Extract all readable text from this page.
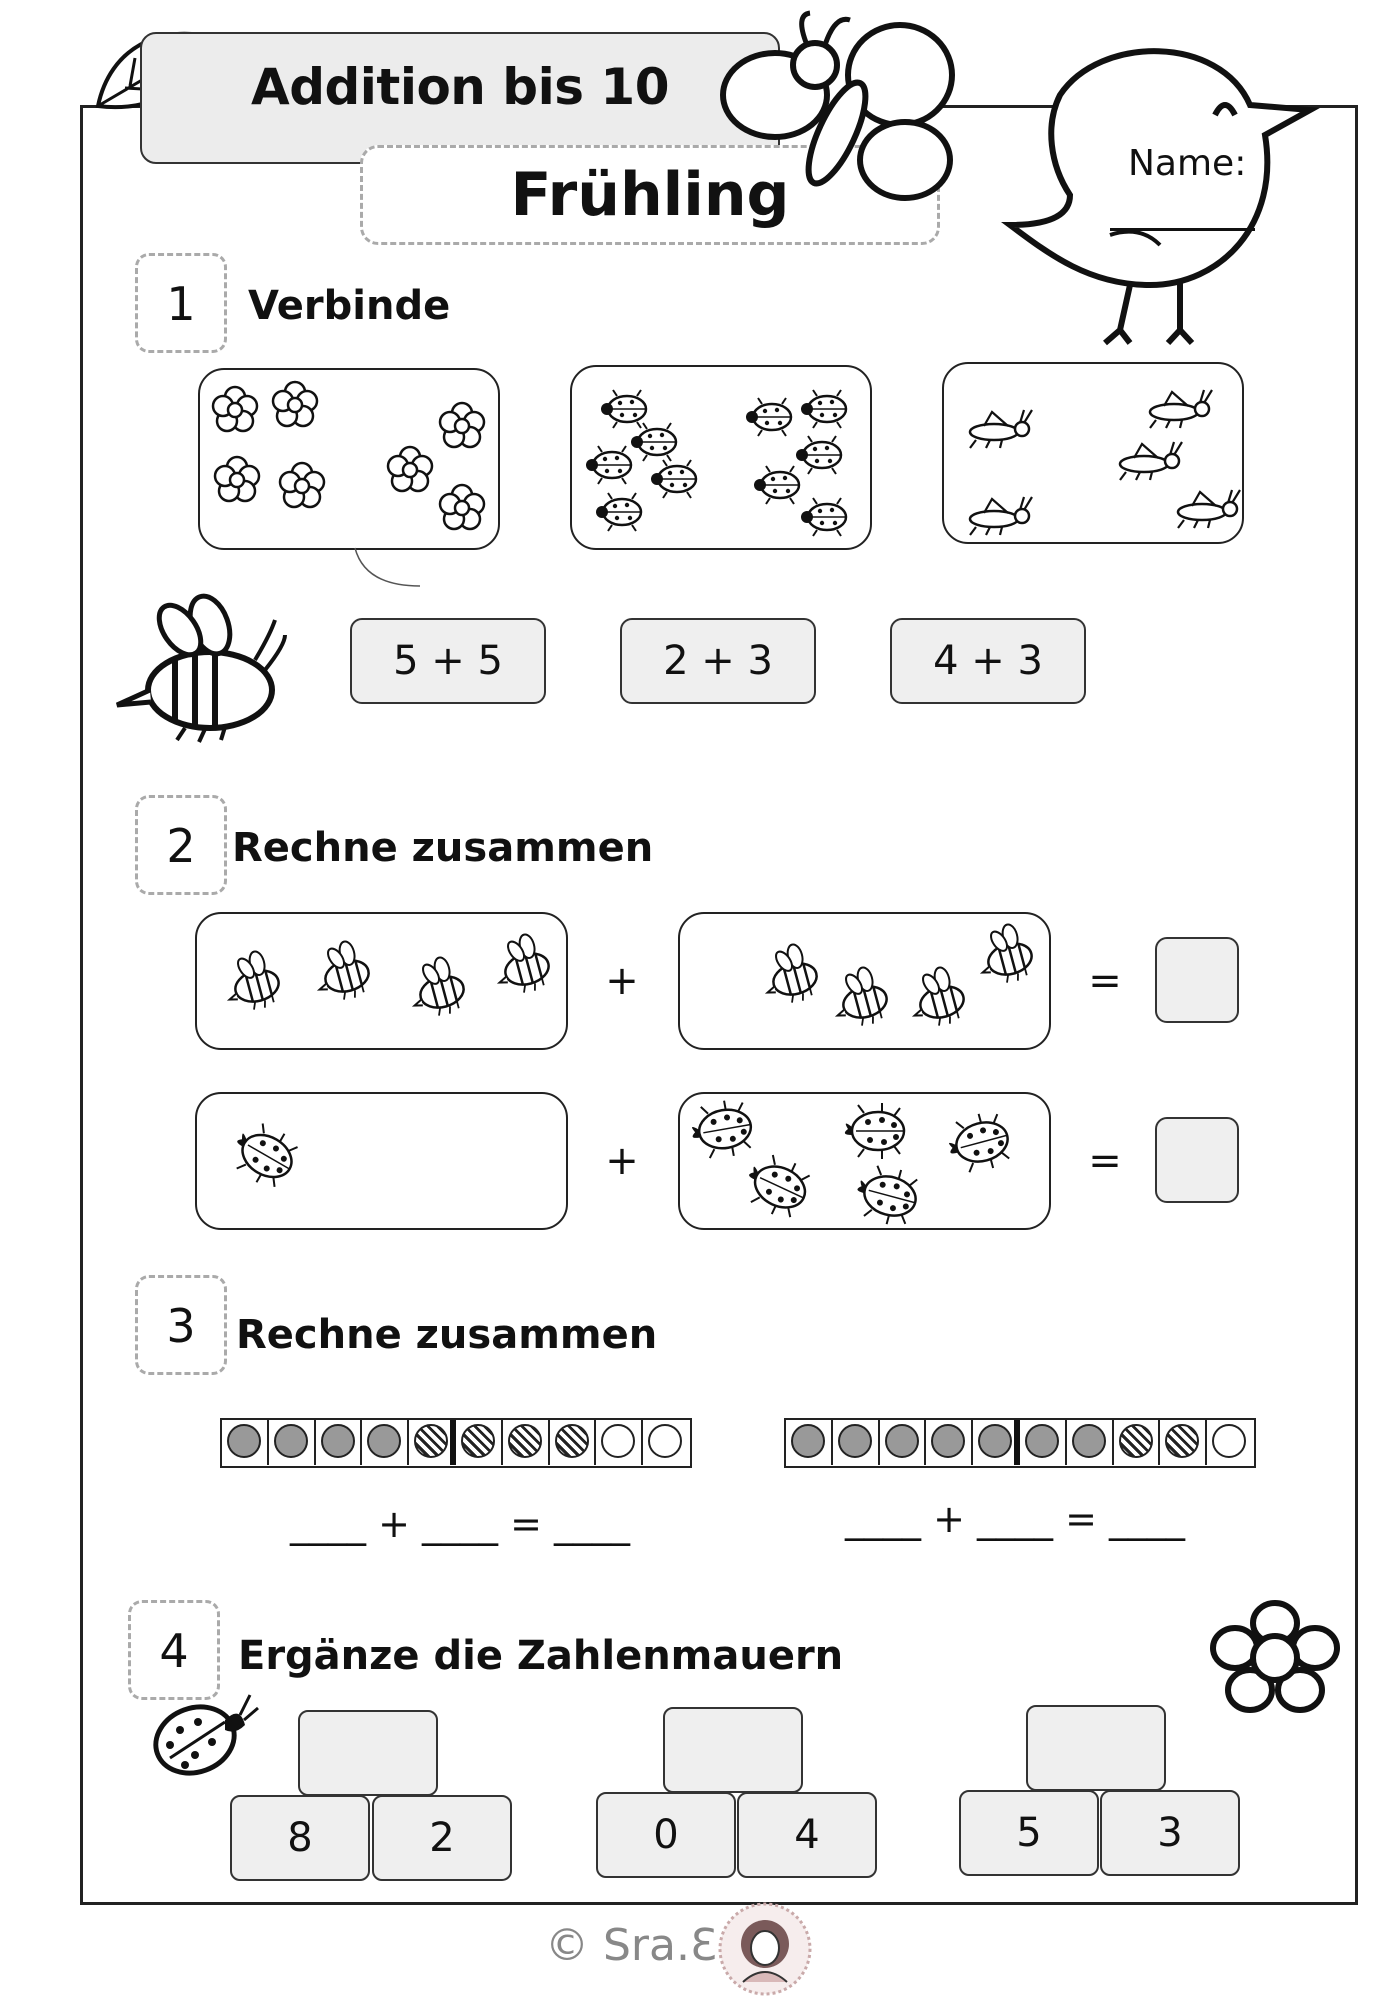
Addition bis 10
Frühling	Name:
1	Verbinde
5 + 5	2 + 3	4 + 3
2 Rechne zusammen
+	=
+	=
3	Rechne zusammen
____ + ____ = ____	____ + ____ = ____
4	Ergänze die Zahlenmauern
8	2	0	4	5	3
© Sra.Ɛ
